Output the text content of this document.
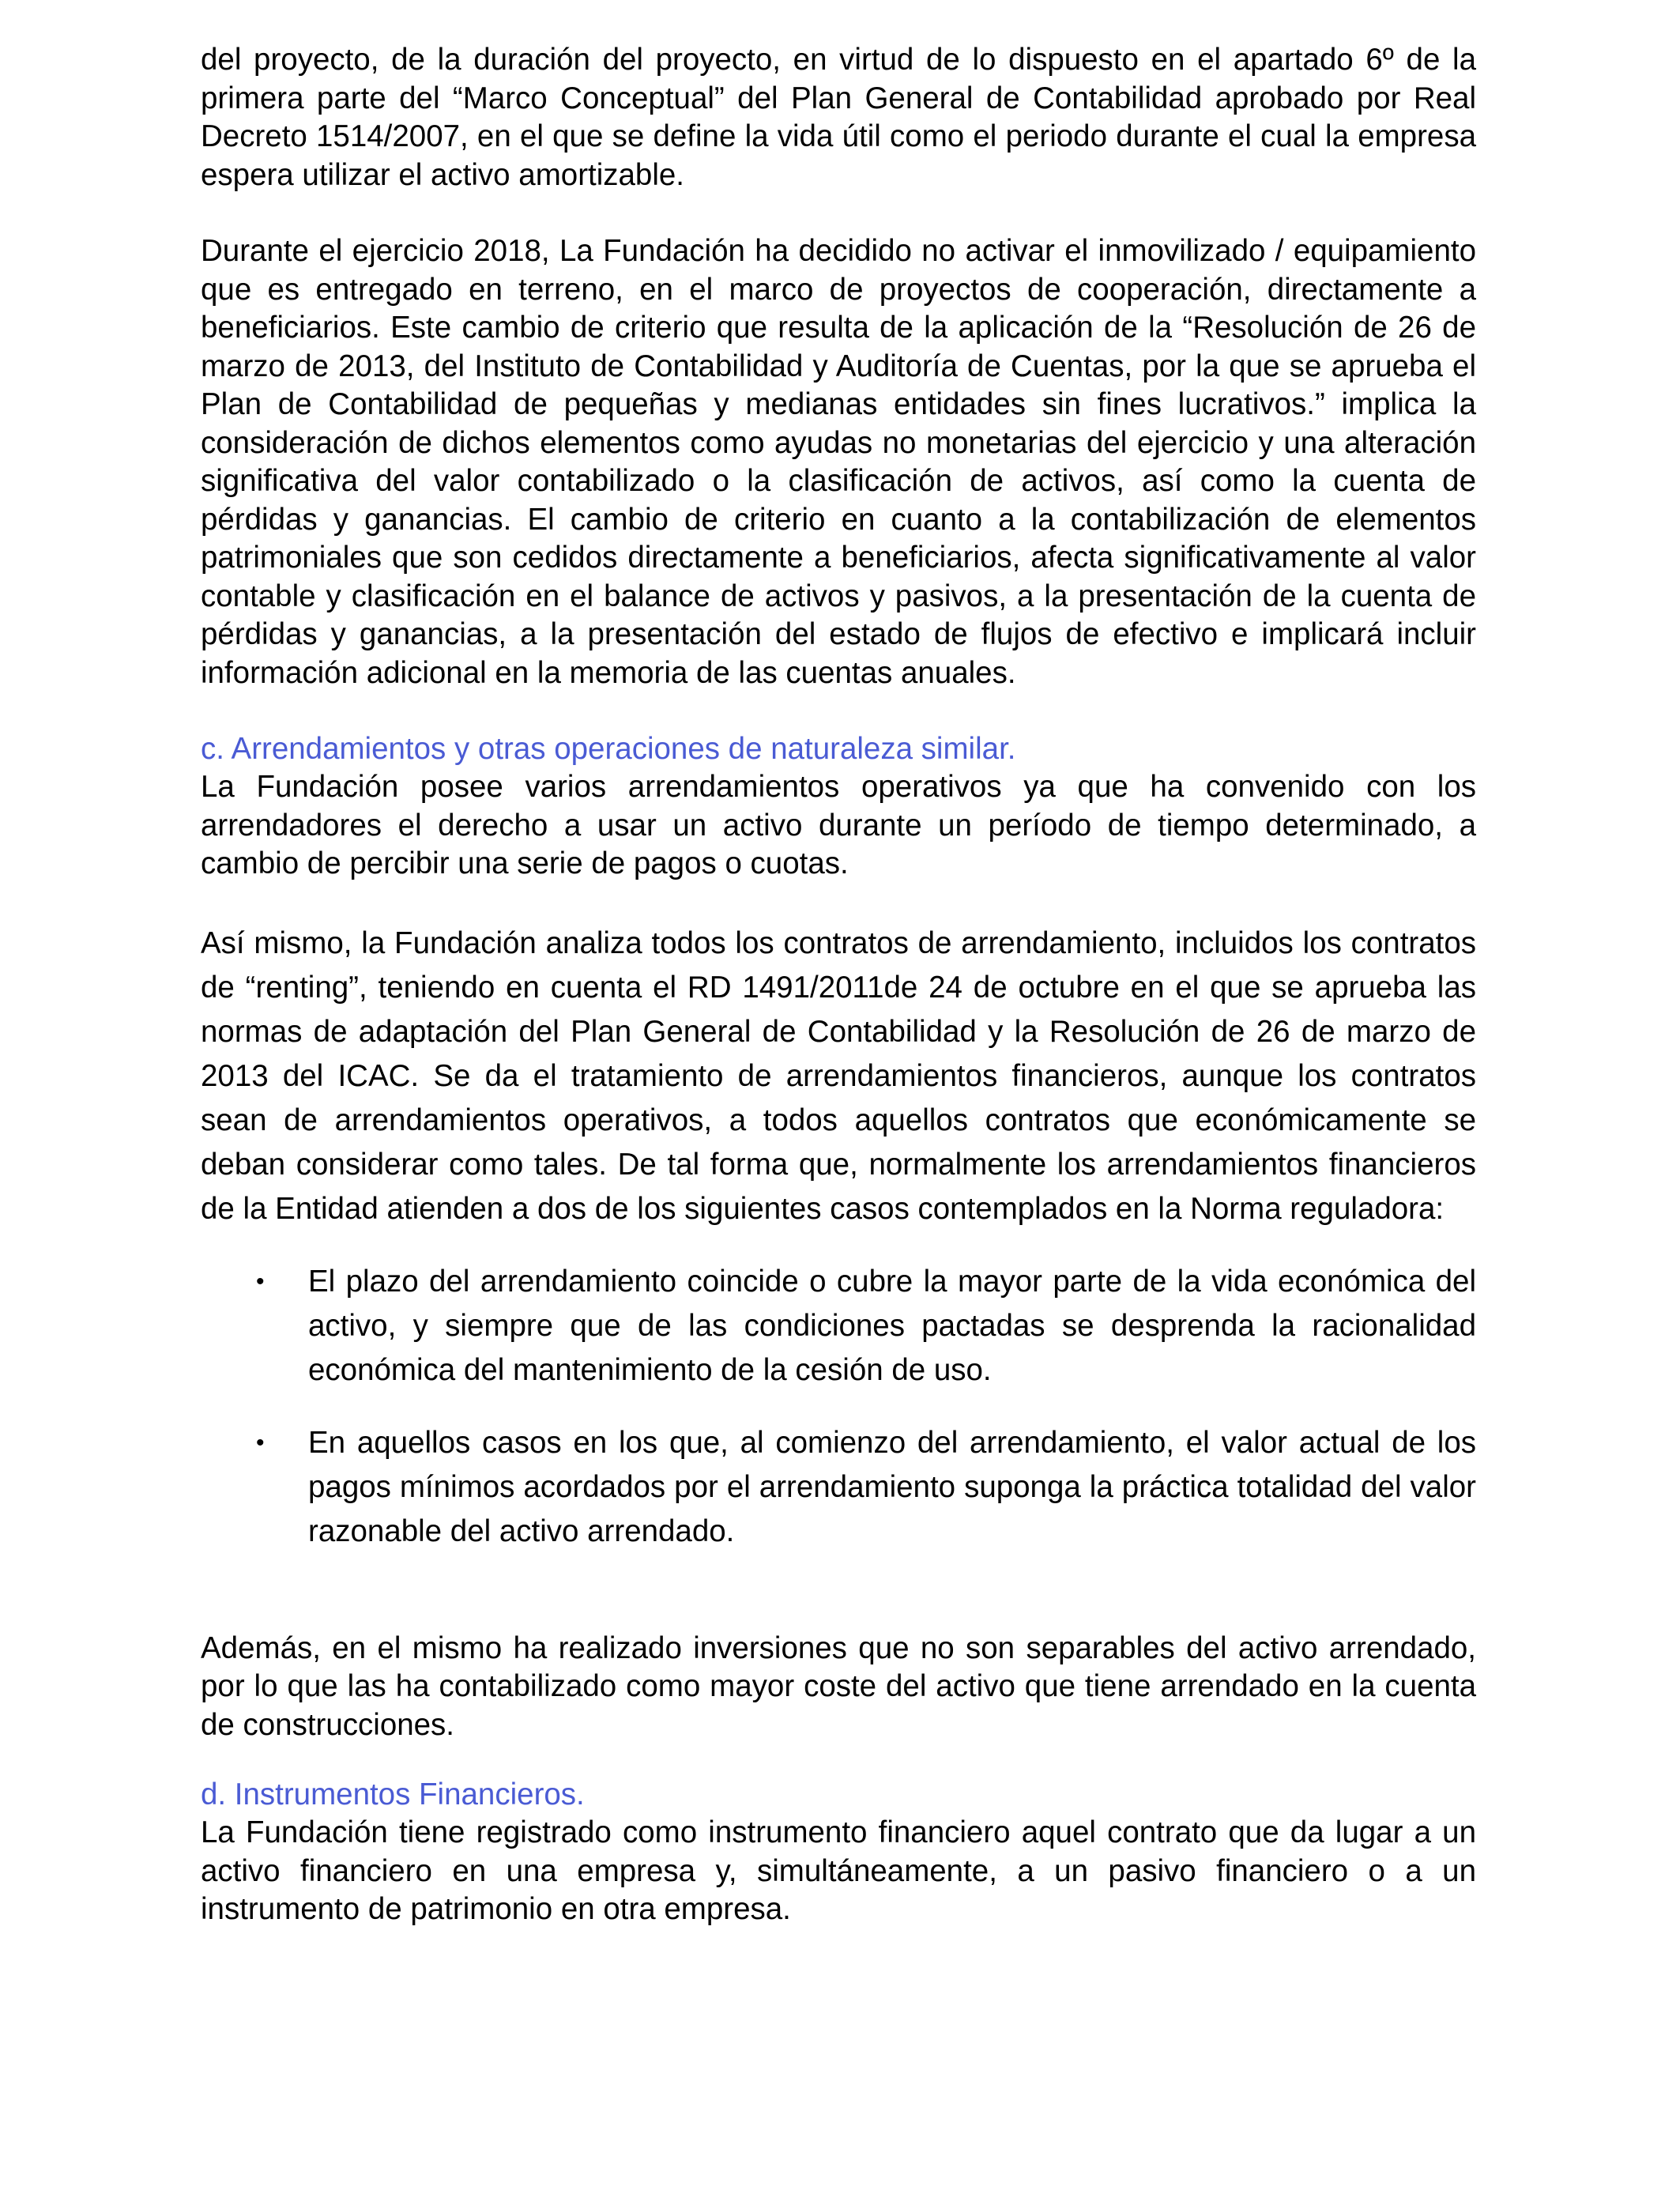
del proyecto, de la duración del proyecto, en virtud de lo dispuesto en el apartado 6º de la primera parte del “Marco Conceptual” del Plan General de Contabilidad aprobado por Real Decreto 1514/2007, en el que se define la vida útil como el periodo durante el cual la empresa espera utilizar el activo amortizable.

Durante el ejercicio 2018, La Fundación ha decidido no activar el inmovilizado / equipamiento que es entregado en terreno, en el marco de proyectos de cooperación, directamente a beneficiarios. Este cambio de criterio que resulta de la aplicación de la “Resolución de 26 de marzo de 2013, del Instituto de Contabilidad y Auditoría de Cuentas, por la que se aprueba el Plan de Contabilidad de pequeñas y medianas entidades sin fines lucrativos.” implica la consideración de dichos elementos como ayudas no monetarias del ejercicio y una alteración significativa del valor contabilizado o la clasificación de activos, así como la cuenta de pérdidas y ganancias. El cambio de criterio en cuanto a la contabilización de elementos patrimoniales que son cedidos directamente a beneficiarios, afecta significativamente al valor contable y clasificación en el balance de activos y pasivos, a la presentación de la cuenta de pérdidas y ganancias, a la presentación del estado de flujos de efectivo e implicará incluir información adicional en la memoria de las cuentas anuales.

c. Arrendamientos y otras operaciones de naturaleza similar.

La Fundación posee varios arrendamientos operativos ya que ha convenido con los arrendadores el derecho a usar un activo durante un período de tiempo determinado, a cambio de percibir una serie de pagos o cuotas.

Así mismo, la Fundación analiza todos los contratos de arrendamiento, incluidos los contratos de “renting”, teniendo en cuenta el RD 1491/2011de 24 de octubre en el que se aprueba las normas de adaptación del Plan General de Contabilidad y la Resolución de 26 de marzo de 2013 del ICAC. Se da el tratamiento de arrendamientos financieros, aunque los contratos sean de arrendamientos operativos, a todos aquellos contratos que económicamente se deban considerar como tales. De tal forma que, normalmente los arrendamientos financieros de la Entidad atienden a dos de los siguientes casos contemplados en la Norma reguladora:

• El plazo del arrendamiento coincide o cubre la mayor parte de la vida económica del activo, y siempre que de las condiciones pactadas se desprenda la racionalidad económica del mantenimiento de la cesión de uso.
• En aquellos casos en los que, al comienzo del arrendamiento, el valor actual de los pagos mínimos acordados por el arrendamiento suponga la práctica totalidad del valor razonable del activo arrendado.

Además, en el mismo ha realizado inversiones que no son separables del activo arrendado, por lo que las ha contabilizado como mayor coste del activo que tiene arrendado en la cuenta de construcciones.

d. Instrumentos Financieros.

La Fundación tiene registrado como instrumento financiero aquel contrato que da lugar a un activo financiero en una empresa y, simultáneamente, a un pasivo financiero o a un instrumento de patrimonio en otra empresa.
